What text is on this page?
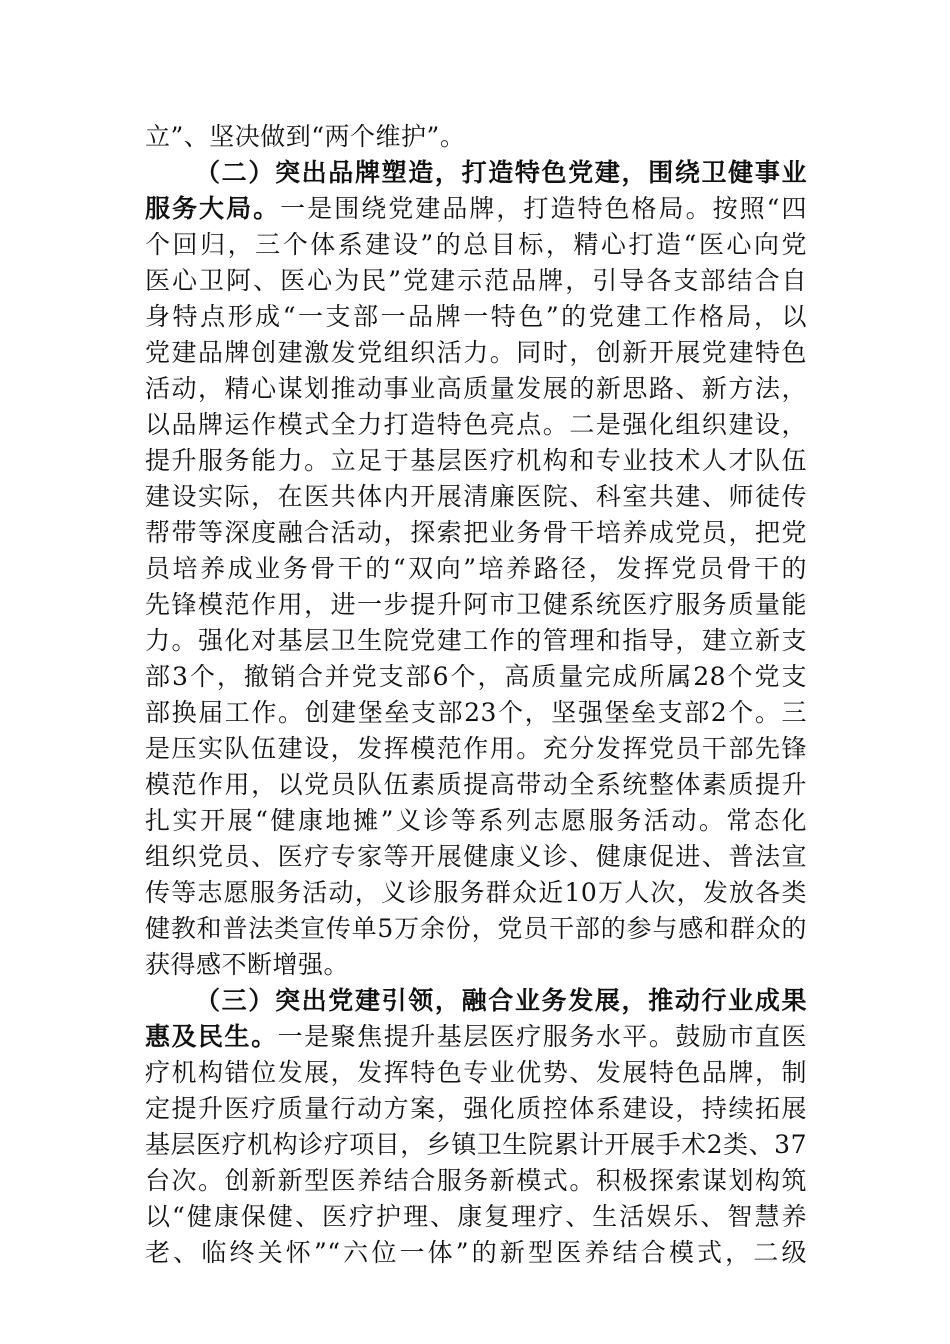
立”、坚决做到“两个维护”。
（二）突出品牌塑造，打造特色党建，围绕卫健事业
服务大局。一是围绕党建品牌，打造特色格局。按照“四
个回归，三个体系建设”的总目标，精心打造“医心向党
医心卫阿、医心为民”党建示范品牌，引导各支部结合自
身特点形成“一支部一品牌一特色”的党建工作格局，以
党建品牌创建激发党组织活力。同时，创新开展党建特色
活动，精心谋划推动事业高质量发展的新思路、新方法，
以品牌运作模式全力打造特色亮点。二是强化组织建设，
提升服务能力。立足于基层医疗机构和专业技术人才队伍
建设实际，在医共体内开展清廉医院、科室共建、师徒传
帮带等深度融合活动，探索把业务骨干培养成党员，把党
员培养成业务骨干的“双向”培养路径，发挥党员骨干的
先锋模范作用，进一步提升阿市卫健系统医疗服务质量能
力。强化对基层卫生院党建工作的管理和指导，建立新支
部3个，撤销合并党支部6个，高质量完成所属28个党支
部换届工作。创建堡垒支部23个，坚强堡垒支部2个。三
是压实队伍建设，发挥模范作用。充分发挥党员干部先锋
模范作用，以党员队伍素质提高带动全系统整体素质提升
扎实开展“健康地摊”义诊等系列志愿服务活动。常态化
组织党员、医疗专家等开展健康义诊、健康促进、普法宣
传等志愿服务活动，义诊服务群众近10万人次，发放各类
健教和普法类宣传单5万余份，党员干部的参与感和群众的
获得感不断增强。
（三）突出党建引领，融合业务发展，推动行业成果
惠及民生。一是聚焦提升基层医疗服务水平。鼓励市直医
疗机构错位发展，发挥特色专业优势、发展特色品牌，制
定提升医疗质量行动方案，强化质控体系建设，持续拓展
基层医疗机构诊疗项目，乡镇卫生院累计开展手术2类、37
台次。创新新型医养结合服务新模式。积极探索谋划构筑
以“健康保健、医疗护理、康复理疗、生活娱乐、智慧养
老、临终关怀”“六位一体”的新型医养结合模式，二级
